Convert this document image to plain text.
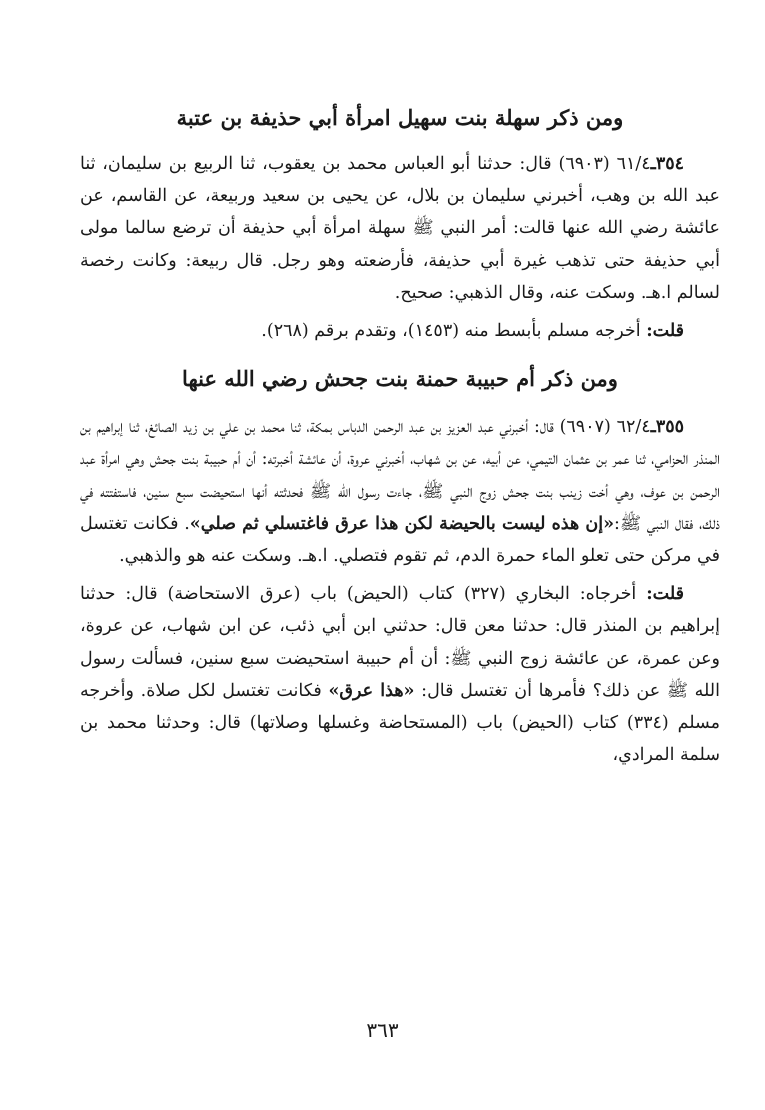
ومن ذكر سهلة بنت سهيل امرأة أبي حذيفة بن عتبة

٣٥٤ـ٦١/٤ (٦٩٠٣) قال: حدثنا أبو العباس محمد بن يعقوب، ثنا الربيع بن سليمان، ثنا عبد الله بن وهب، أخبرني سليمان بن بلال، عن يحيى بن سعيد وربيعة، عن القاسم، عن عائشة رضي الله عنها قالت: أمر النبي ﷺ سهلة امرأة أبي حذيفة أن ترضع سالما مولى أبي حذيفة حتى تذهب غيرة أبي حذيفة، فأرضعته وهو رجل. قال ربيعة: وكانت رخصة لسالم ا.هـ. وسكت عنه، وقال الذهبي: صحيح.

قلت: أخرجه مسلم بأبسط منه (١٤٥٣)، وتقدم برقم (٢٦٨).

ومن ذكر أم حبيبة حمنة بنت جحش رضي الله عنها

٣٥٥ـ٦٢/٤ (٦٩٠٧) قال: أخبرني عبد العزيز بن عبد الرحمن الدباس بمكة، ثنا محمد بن علي بن زيد الصائغ، ثنا إبراهيم بن المنذر الحزامي، ثنا عمر بن عثمان التيمي، عن أبيه، عن بن شهاب، أخبرني عروة، أن عائشة أخبرته: أن أم حبيبة بنت جحش وهي امرأة عبد الرحمن بن عوف، وهي أخت زينب بنت جحش زوج النبي ﷺ، جاءت رسول الله ﷺ فحدثته أنها استحيضت سبع سنين، فاستفتته في ذلك، فقال النبي ﷺ:«إن هذه ليست بالحيضة لكن هذا عرق فاغتسلي ثم صلي». فكانت تغتسل في مركن حتى تعلو الماء حمرة الدم، ثم تقوم فتصلي. ا.هـ. وسكت عنه هو والذهبي.

قلت: أخرجاه: البخاري (٣٢٧) كتاب (الحيض) باب (عرق الاستحاضة) قال: حدثنا إبراهيم بن المنذر قال: حدثنا معن قال: حدثني ابن أبي ذئب، عن ابن شهاب، عن عروة، وعن عمرة، عن عائشة زوج النبي ﷺ: أن أم حبيبة استحيضت سبع سنين، فسألت رسول الله ﷺ عن ذلك؟ فأمرها أن تغتسل قال: «هذا عرق» فكانت تغتسل لكل صلاة. وأخرجه مسلم (٣٣٤) كتاب (الحيض) باب (المستحاضة وغسلها وصلاتها) قال: وحدثنا محمد بن سلمة المرادي،

٣٦٣
